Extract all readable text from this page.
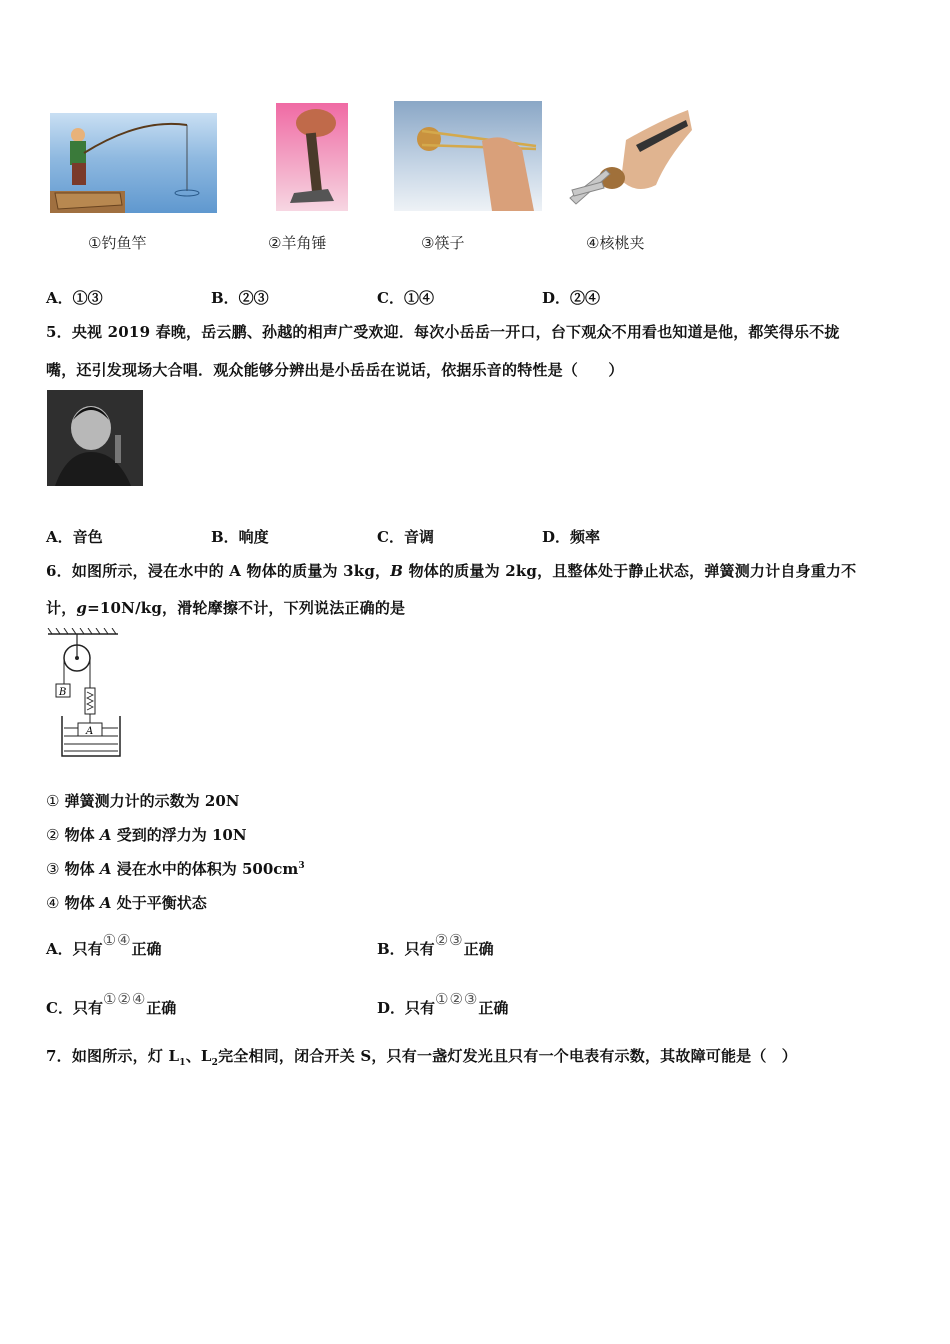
①钓鱼竿	②羊角锤	③筷子	④核桃夹
A．①③	B．②③	C．①④	D．②④
5．央视 2019 春晚，岳云鹏、孙越的相声广受欢迎．每次小岳岳一开口，台下观众不用看也知道是他，都笑得乐不拢
嘴，还引发现场大合唱．观众能够分辨出是小岳岳在说话，依据乐音的特性是（　　）
A．音色	B．响度	C．音调	D．频率
6．如图所示，浸在水中的 A 物体的质量为 3kg，B 物体的质量为 2kg，且整体处于静止状态，弹簧测力计自身重力不
计，g=10N/kg，滑轮摩擦不计，下列说法正确的是
B
A
① 弹簧测力计的示数为 20N
② 物体 A 受到的浮力为 10N
③ 物体 A 浸在水中的体积为 $500cm^3$
④ 物体 A 处于平衡状态
A．只有①④正确	B．只有②③正确
C．只有①②④正确	D．只有①②③正确
7．如图所示，灯 $L_1$、$L_2$完全相同，闭合开关 S，只有一盏灯发光且只有一个电表有示数，其故障可能是（　）
